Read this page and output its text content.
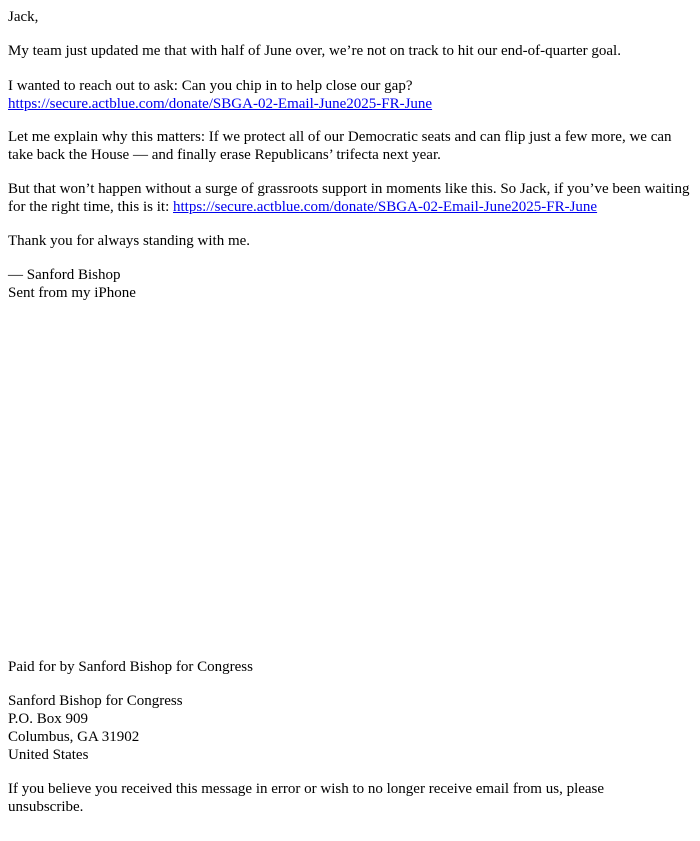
Jack,

My team just updated me that with half of June over, we’re not on track to hit our end-of-quarter goal.

I wanted to reach out to ask: Can you chip in to help close our gap? https://secure.actblue.com/donate/SBGA-02-Email-June2025-FR-June

Let me explain why this matters: If we protect all of our Democratic seats and can flip just a few more, we can take back the House — and finally erase Republicans’ trifecta next year.

But that won’t happen without a surge of grassroots support in moments like this. So Jack, if you’ve been waiting for the right time, this is it: https://secure.actblue.com/donate/SBGA-02-Email-June2025-FR-June

Thank you for always standing with me.

— Sanford Bishop
Sent from my iPhone

Paid for by Sanford Bishop for Congress

Sanford Bishop for Congress
P.O. Box 909
Columbus, GA 31902
United States

If you believe you received this message in error or wish to no longer receive email from us, please unsubscribe.
